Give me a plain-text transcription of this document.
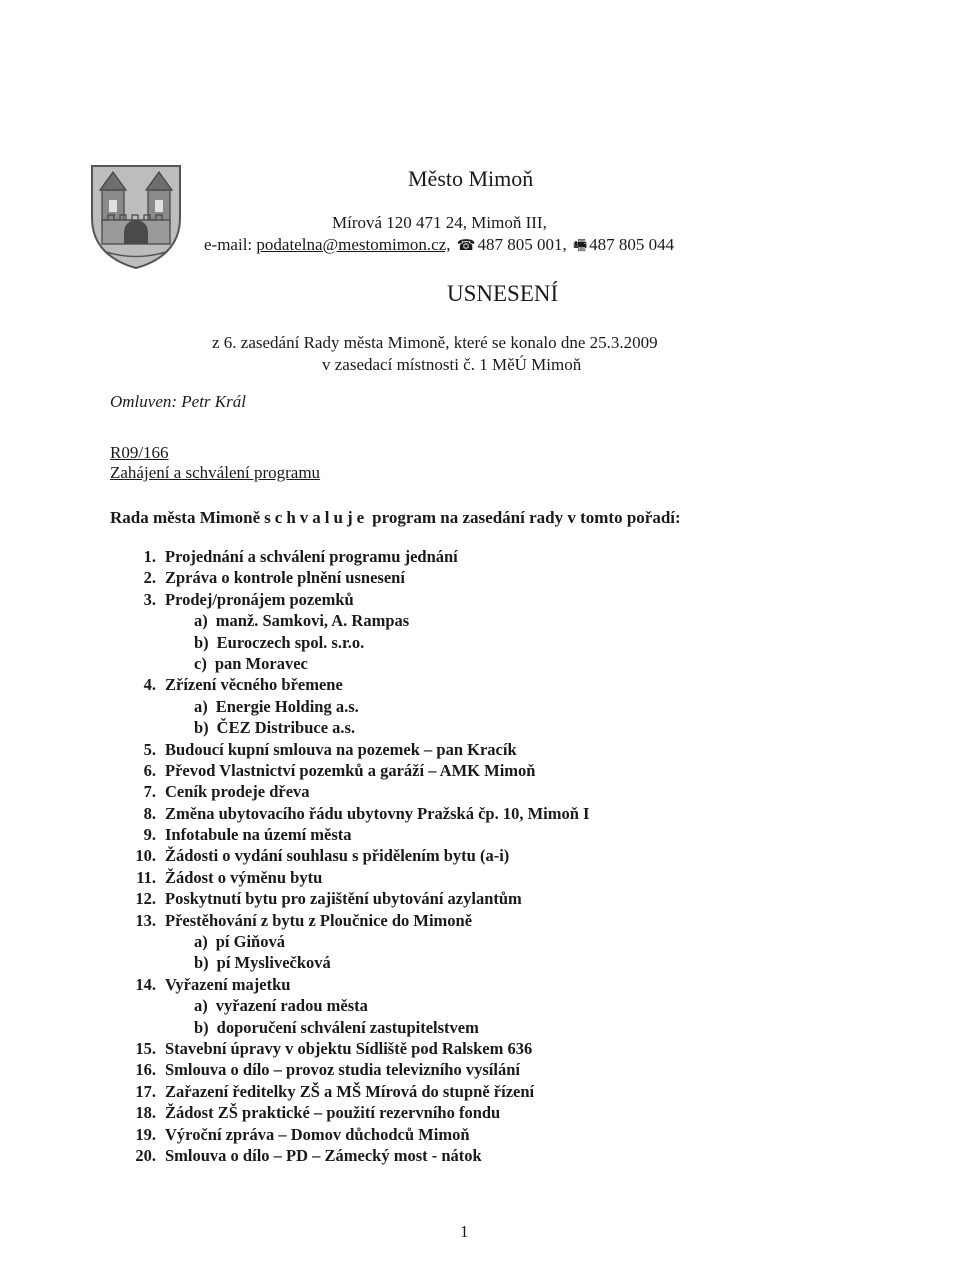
Město Mimoň
Mírová 120 471 24, Mimoň III,
e-mail: podatelna@mestomimon.cz, ☎ 487 805 001, 🖷 487 805 044
USNESENÍ
z 6. zasedání Rady města Mimoně, které se konalo dne 25.3.2009
v zasedací místnosti č. 1 MěÚ Mimoň
Omluven: Petr Král
R09/166
Zahájení a schválení programu
Rada města Mimoně schvaluje program na zasedání rady v tomto pořadí:
1. Projednání a schválení programu jednání
2. Zpráva o kontrole plnění usnesení
3. Prodej/pronájem pozemků
a) manž. Samkovi, A. Rampas
b) Euroczech spol. s.r.o.
c) pan Moravec
4. Zřízení věcného břemene
a) Energie Holding a.s.
b) ČEZ Distribuce a.s.
5. Budoucí kupní smlouva na pozemek – pan Kracík
6. Převod Vlastnictví pozemků a garáží – AMK Mimoň
7. Ceník prodeje dřeva
8. Změna ubytovacího řádu ubytovny Pražská čp. 10, Mimoň I
9. Infotabule na území města
10. Žádosti o vydání souhlasu s přidělením bytu (a-i)
11. Žádost o výměnu bytu
12. Poskytnutí bytu pro zajištění ubytování azylantům
13. Přestěhování z bytu z Ploučnice do Mimoně
a) pí Giňová
b) pí Myslivečková
14. Vyřazení majetku
a) vyřazení radou města
b) doporučení schválení zastupitelstvem
15. Stavební úpravy v objektu Sídliště pod Ralskem 636
16. Smlouva o dílo – provoz studia televizního vysílání
17. Zařazení ředitelky ZŠ a MŠ Mírová do stupně řízení
18. Žádost ZŠ praktické – použití rezervního fondu
19. Výroční zpráva – Domov důchodců Mimoň
20. Smlouva o dílo – PD – Zámecký most - nátok
1
